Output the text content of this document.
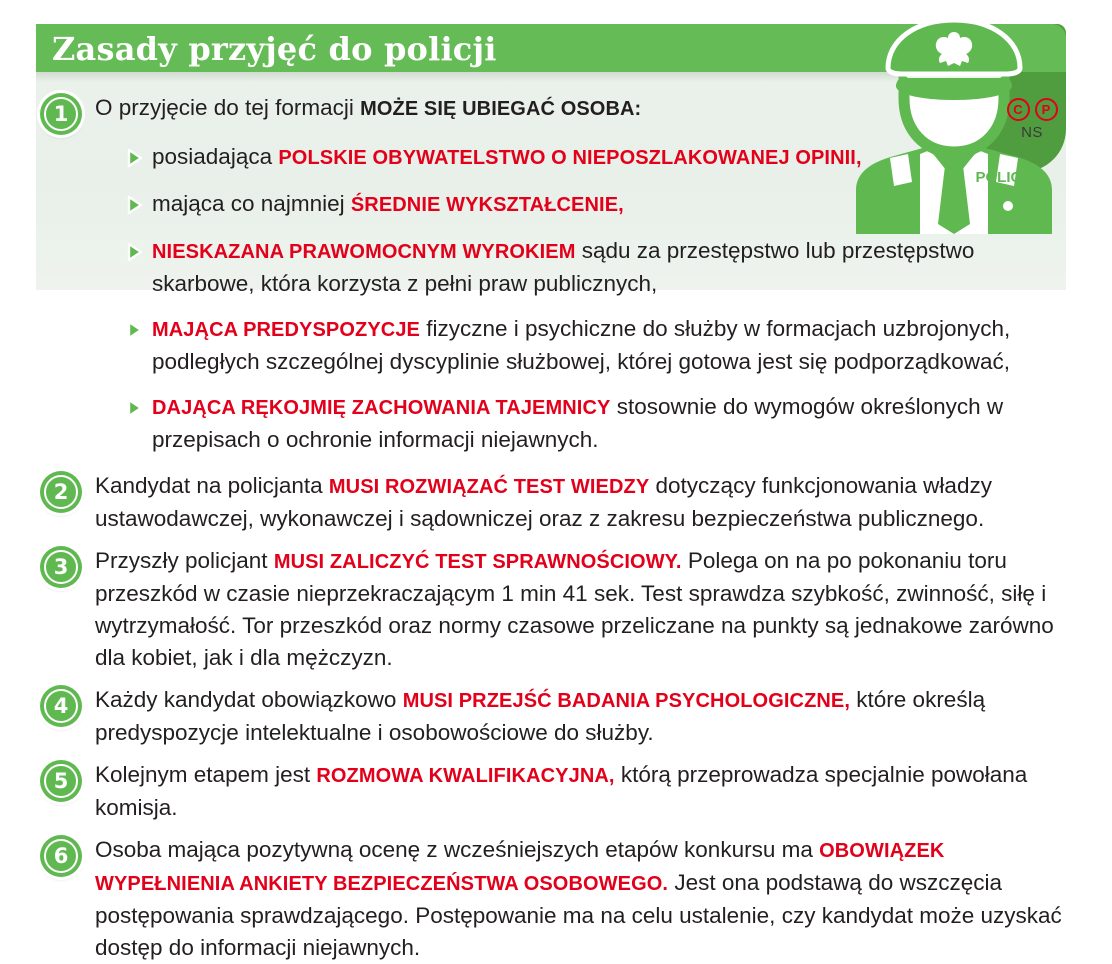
Zasady przyjęć do policji
POLICJA
C	P
NS
1	O przyjęcie do tej formacji MOŻE SIĘ UBIEGAĆ OSOBA:
posiadająca POLSKIE OBYWATELSTWO O NIEPOSZLAKOWANEJ OPINII,
mająca co najmniej ŚREDNIE WYKSZTAŁCENIE,
NIESKAZANA PRAWOMOCNYM WYROKIEM sądu za przestępstwo lub przestępstwo skarbowe, która korzysta z pełni praw publicznych,
MAJĄCA PREDYSPOZYCJE fizyczne i psychiczne do służby w formacjach uzbrojonych, podległych szczególnej dyscyplinie służbowej, której gotowa jest się podporządkować,
DAJĄCA RĘKOJMIĘ ZACHOWANIA TAJEMNICY stosownie do wymogów określonych w przepisach o ochronie informacji niejawnych.
2	Kandydat na policjanta MUSI ROZWIĄZAĆ TEST WIEDZY dotyczący funkcjonowania władzy ustawodawczej, wykonawczej i sądowniczej oraz z zakresu bezpieczeństwa publicznego.
3	Przyszły policjant MUSI ZALICZYĆ TEST SPRAWNOŚCIOWY. Polega on na po pokonaniu toru przeszkód w czasie nieprzekraczającym 1 min 41 sek. Test sprawdza szybkość, zwinność, siłę i wytrzymałość. Tor przeszkód oraz normy czasowe przeliczane na punkty są jednakowe zarówno dla kobiet, jak i dla mężczyzn.
4	Każdy kandydat obowiązkowo MUSI PRZEJŚĆ BADANIA PSYCHOLOGICZNE, które określą predyspozycje intelektualne i osobowościowe do służby.
5	Kolejnym etapem jest ROZMOWA KWALIFIKACYJNA, którą przeprowadza specjalnie powołana komisja.
6	Osoba mająca pozytywną ocenę z wcześniejszych etapów konkursu ma OBOWIĄZEK WYPEŁNIENIA ANKIETY BEZPIECZEŃSTWA OSOBOWEGO. Jest ona podstawą do wszczęcia postępowania sprawdzającego. Postępowanie ma na celu ustalenie, czy kandydat może uzyskać dostęp do informacji niejawnych.
